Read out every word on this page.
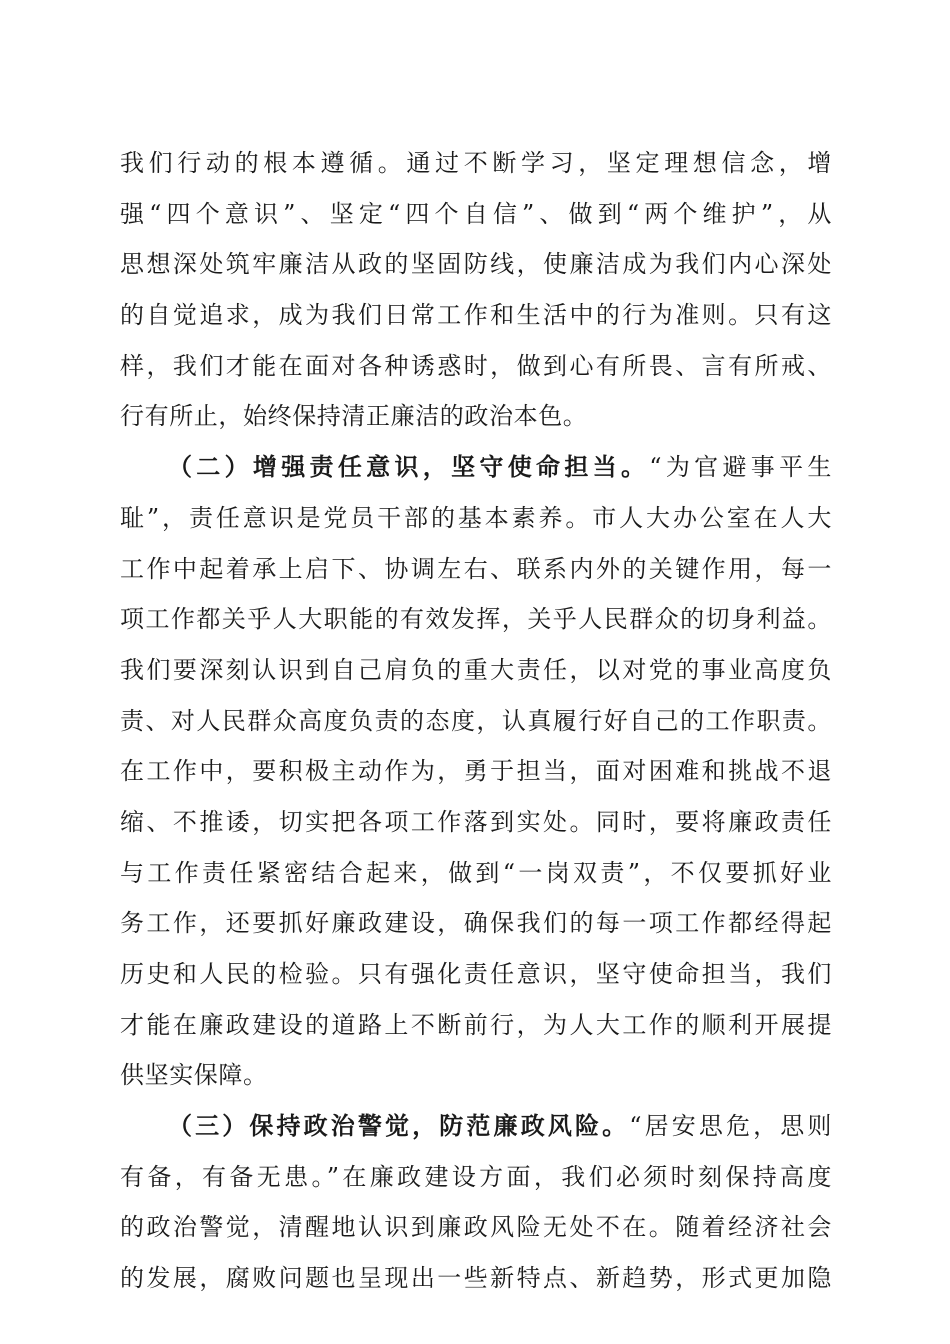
我们行动的根本遵循。通过不断学习，坚定理想信念，增
强“四个意识”、坚定“四个自信”、做到“两个维护”，从
思想深处筑牢廉洁从政的坚固防线，使廉洁成为我们内心深处
的自觉追求，成为我们日常工作和生活中的行为准则。只有这
样，我们才能在面对各种诱惑时，做到心有所畏、言有所戒、
行有所止，始终保持清正廉洁的政治本色。
（二）增强责任意识，坚守使命担当。“为官避事平生
耻”，责任意识是党员干部的基本素养。市人大办公室在人大
工作中起着承上启下、协调左右、联系内外的关键作用，每一
项工作都关乎人大职能的有效发挥，关乎人民群众的切身利益。
我们要深刻认识到自己肩负的重大责任，以对党的事业高度负
责、对人民群众高度负责的态度，认真履行好自己的工作职责。
在工作中，要积极主动作为，勇于担当，面对困难和挑战不退
缩、不推诿，切实把各项工作落到实处。同时，要将廉政责任
与工作责任紧密结合起来，做到“一岗双责”，不仅要抓好业
务工作，还要抓好廉政建设，确保我们的每一项工作都经得起
历史和人民的检验。只有强化责任意识，坚守使命担当，我们
才能在廉政建设的道路上不断前行，为人大工作的顺利开展提
供坚实保障。
（三）保持政治警觉，防范廉政风险。“居安思危，思则
有备，有备无患。”在廉政建设方面，我们必须时刻保持高度
的政治警觉，清醒地认识到廉政风险无处不在。随着经济社会
的发展，腐败问题也呈现出一些新特点、新趋势，形式更加隐
